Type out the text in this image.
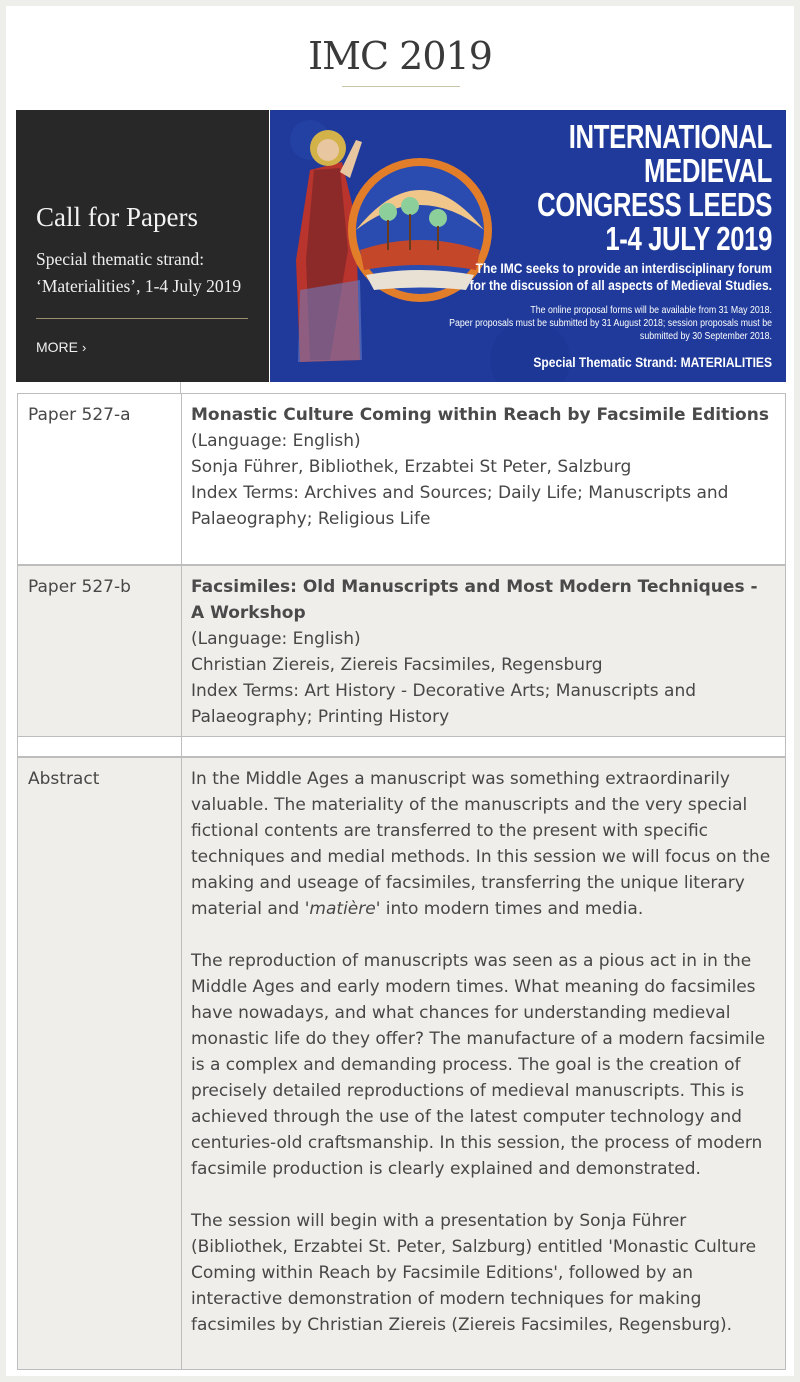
IMC 2019
Call for Papers
Special thematic strand: ‘Materialities’, 1-4 July 2019
MORE ›
INTERNATIONAL MEDIEVAL
CONGRESS LEEDS
1-4 JULY 2019
The IMC seeks to provide an interdisciplinary forum
for the discussion of all aspects of Medieval Studies.
The online proposal forms will be available from 31 May 2018.
Paper proposals must be submitted by 31 August 2018; session proposals must be
submitted by 30 September 2018.
Special Thematic Strand: MATERIALITIES
Paper 527-a	Monastic Culture Coming within Reach by Facsimile Editions
(Language: English)
Sonja Führer, Bibliothek, Erzabtei St Peter, Salzburg
Index Terms: Archives and Sources; Daily Life; Manuscripts and Palaeography; Religious Life
Paper 527-b	Facsimiles: Old Manuscripts and Most Modern Techniques - A Workshop
(Language: English)
Christian Ziereis, Ziereis Facsimiles, Regensburg
Index Terms: Art History - Decorative Arts; Manuscripts and Palaeography; Printing History
Abstract	In the Middle Ages a manuscript was something extraordinarily valuable. The materiality of the manuscripts and the very special fictional contents are transferred to the present with specific techniques and medial methods. In this session we will focus on the making and useage of facsimiles, transferring the unique literary material and 'matière' into modern times and media.

The reproduction of manuscripts was seen as a pious act in in the Middle Ages and early modern times. What meaning do facsimiles have nowadays, and what chances for understanding medieval monastic life do they offer? The manufacture of a modern facsimile is a complex and demanding process. The goal is the creation of precisely detailed reproductions of medieval manuscripts. This is achieved through the use of the latest computer technology and centuries-old craftsmanship. In this session, the process of modern facsimile production is clearly explained and demonstrated.

The session will begin with a presentation by Sonja Führer (Bibliothek, Erzabtei St. Peter, Salzburg) entitled 'Monastic Culture Coming within Reach by Facsimile Editions', followed by an interactive demonstration of modern techniques for making facsimiles by Christian Ziereis (Ziereis Facsimiles, Regensburg).
